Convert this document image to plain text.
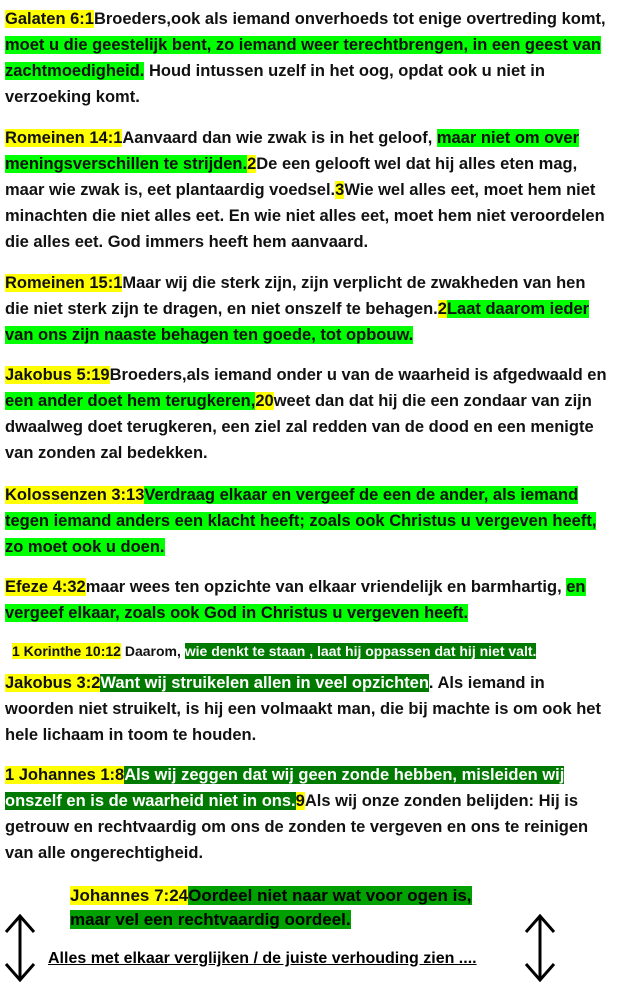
Galaten 6:1Broeders,ook als iemand onverhoeds tot enige overtreding komt, moet u die geestelijk bent, zo iemand weer terechtbrengen, in een geest van zachtmoedigheid. Houd intussen uzelf in het oog, opdat ook u niet in verzoeking komt.
Romeinen 14:1Aanvaard dan wie zwak is in het geloof, maar niet om over meningsverschillen te strijden.2De een gelooft wel dat hij alles eten mag, maar wie zwak is, eet plantaardig voedsel.3Wie wel alles eet, moet hem niet minachten die niet alles eet. En wie niet alles eet, moet hem niet veroordelen die alles eet. God immers heeft hem aanvaard.
Romeinen 15:1Maar wij die sterk zijn, zijn verplicht de zwakheden van hen die niet sterk zijn te dragen, en niet onszelf te behagen.2Laat daarom ieder van ons zijn naaste behagen ten goede, tot opbouw.
Jakobus 5:19Broeders,als iemand onder u van de waarheid is afgedwaald en een ander doet hem terugkeren,20weet dan dat hij die een zondaar van zijn dwaalweg doet terugkeren, een ziel zal redden van de dood en een menigte van zonden zal bedekken.
Kolossenzen 3:13Verdraag elkaar en vergeef de een de ander, als iemand tegen iemand anders een klacht heeft; zoals ook Christus u vergeven heeft, zo moet ook u doen.
Efeze 4:32maar wees ten opzichte van elkaar vriendelijk en barmhartig, en vergeef elkaar, zoals ook God in Christus u vergeven heeft.
1 Korinthe 10:12 Daarom, wie denkt te staan , laat hij oppassen dat hij niet valt.
Jakobus 3:2Want wij struikelen allen in veel opzichten. Als iemand in woorden niet struikelt, is hij een volmaakt man, die bij machte is om ook het hele lichaam in toom te houden.
1 Johannes 1:8Als wij zeggen dat wij geen zonde hebben, misleiden wij onszelf en is de waarheid niet in ons.9Als wij onze zonden belijden: Hij is getrouw en rechtvaardig om ons de zonden te vergeven en ons te reinigen van alle ongerechtigheid.
Johannes 7:24Oordeel niet naar wat voor ogen is, maar vel een rechtvaardig oordeel.
Alles met elkaar verglijken / de juiste verhouding zien ....
